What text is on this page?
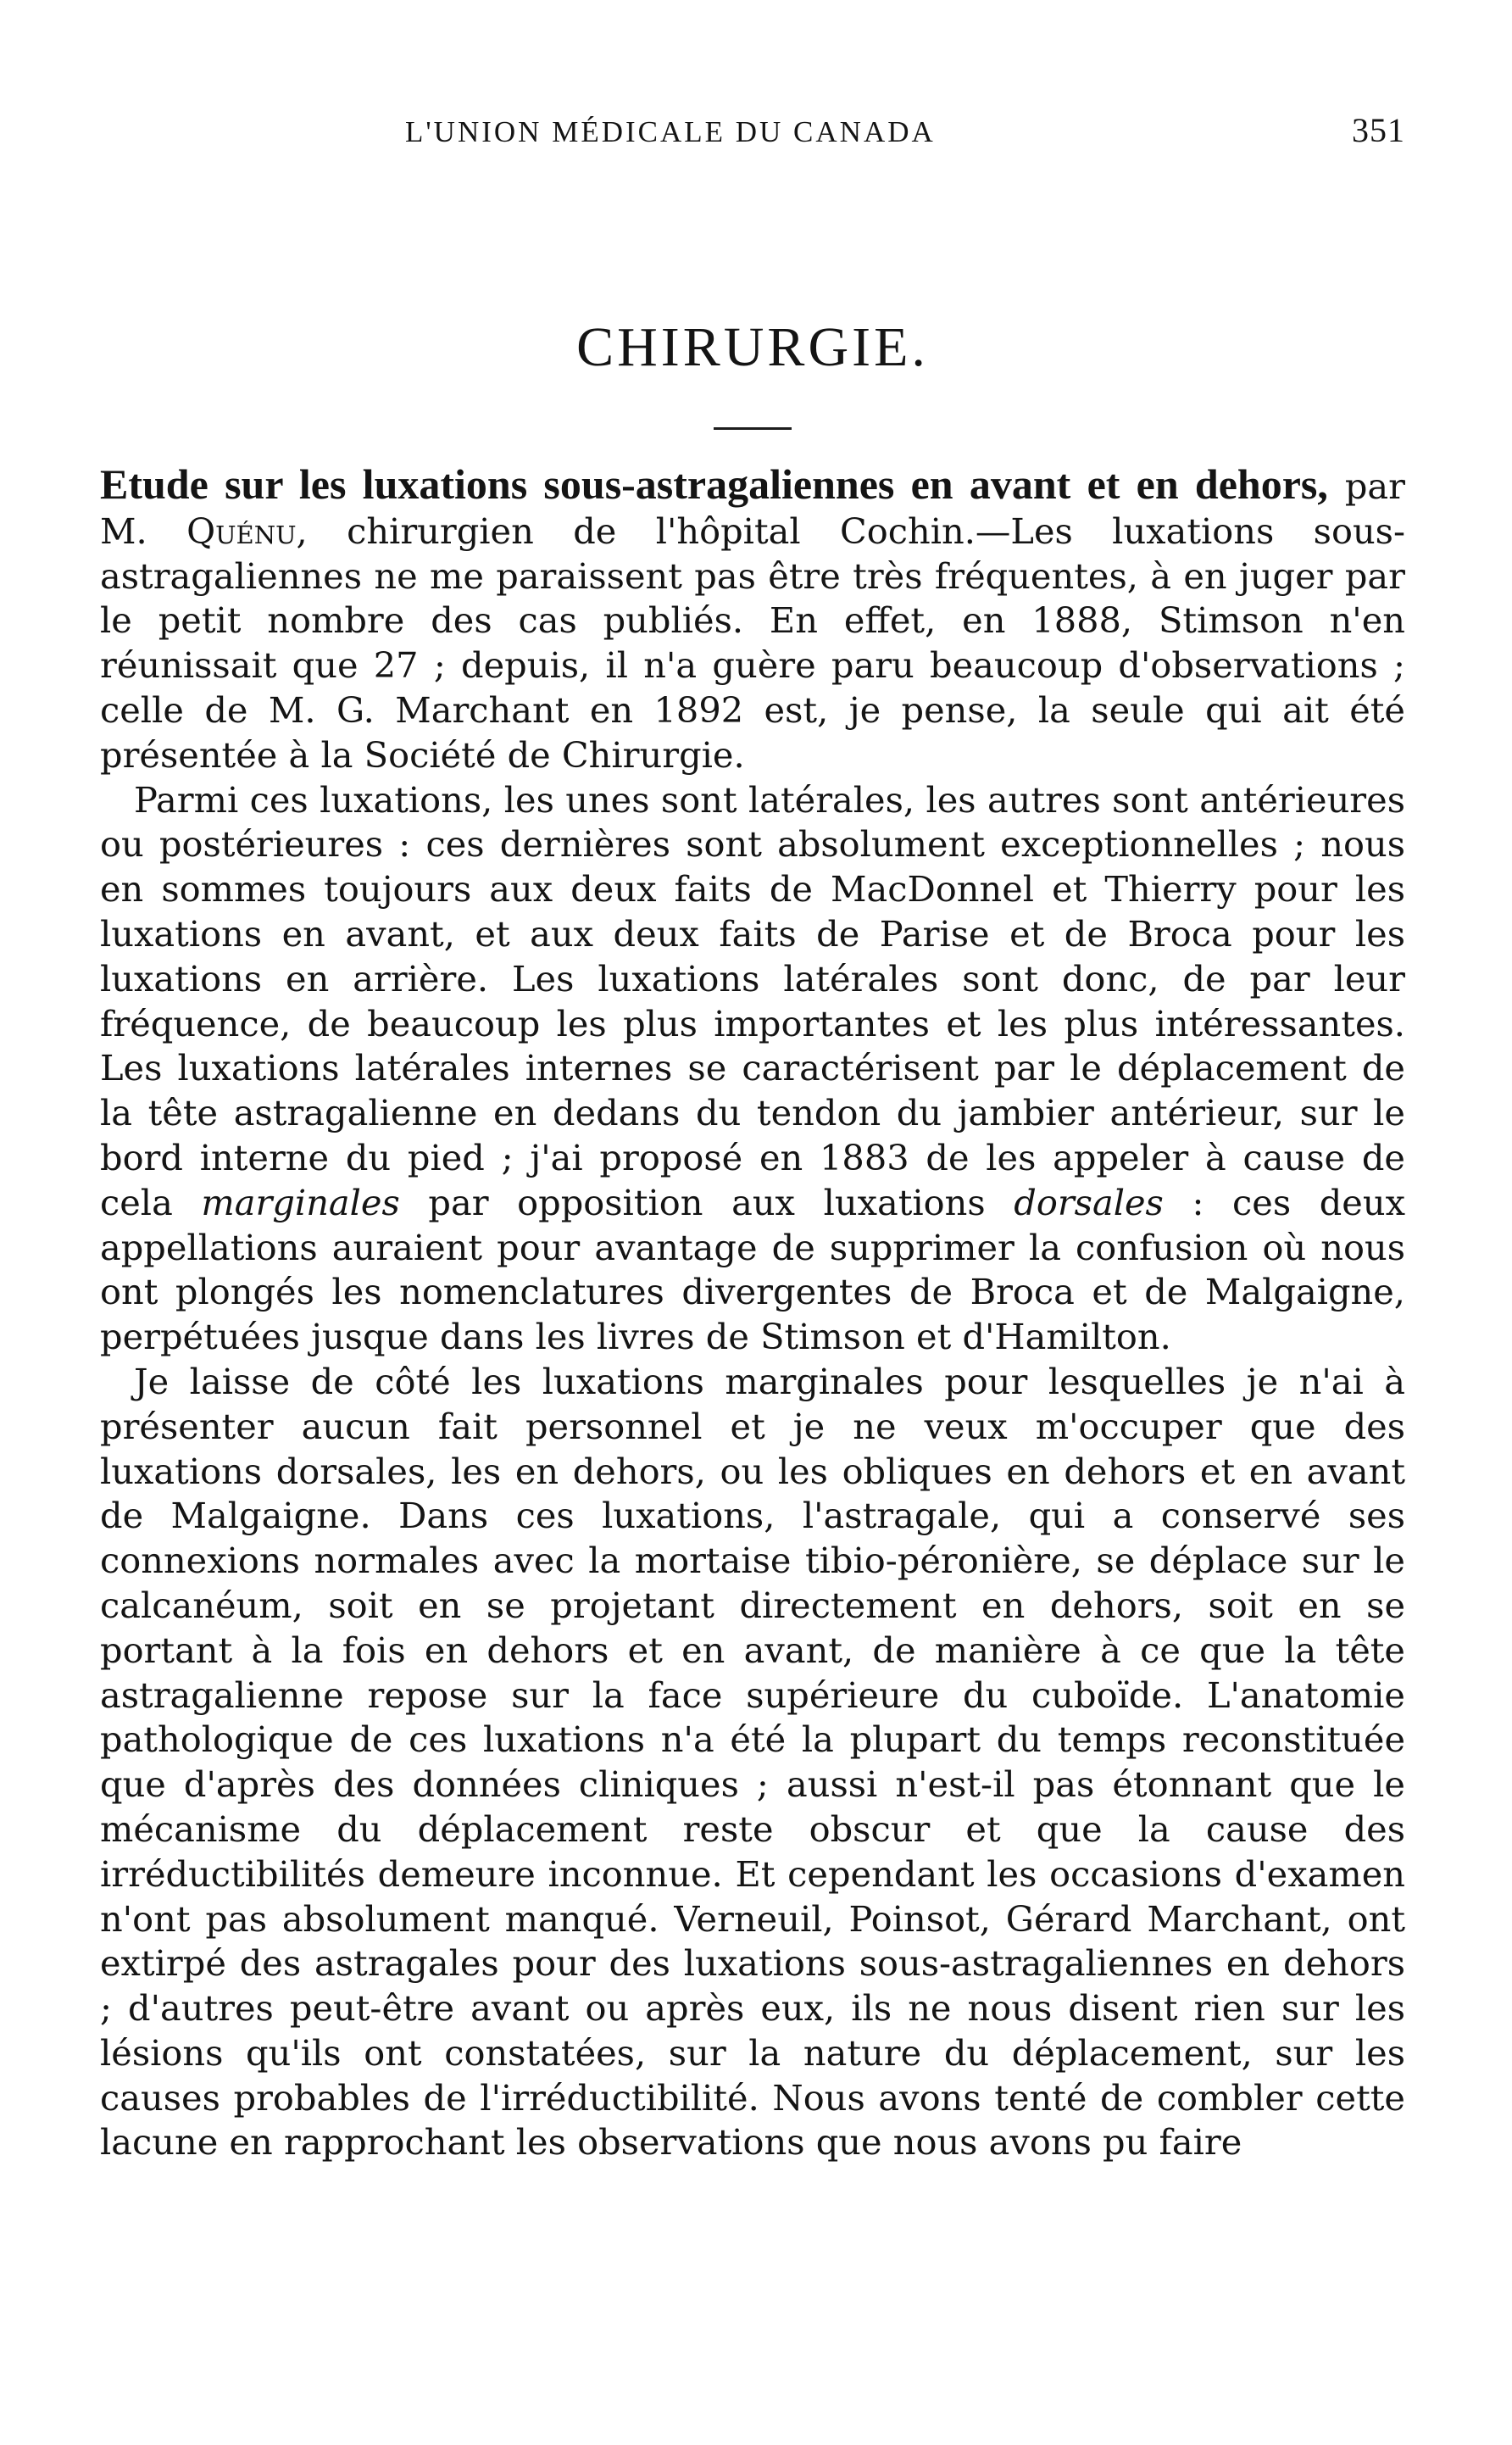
L'UNION MÉDICALE DU CANADA	351
CHIRURGIE.

Etude sur les luxations sous-astragaliennes en avant et en dehors, par M. Quénu, chirurgien de l'hôpital Cochin.—Les luxations sous-astragaliennes ne me paraissent pas être très fréquentes, à en juger par le petit nombre des cas publiés. En effet, en 1888, Stimson n'en réunissait que 27 ; depuis, il n'a guère paru beaucoup d'observations ; celle de M. G. Marchant en 1892 est, je pense, la seule qui ait été présentée à la Société de Chirurgie.

Parmi ces luxations, les unes sont latérales, les autres sont antérieures ou postérieures : ces dernières sont absolument exceptionnelles ; nous en sommes toujours aux deux faits de MacDonnel et Thierry pour les luxations en avant, et aux deux faits de Parise et de Broca pour les luxations en arrière. Les luxations latérales sont donc, de par leur fréquence, de beaucoup les plus importantes et les plus intéressantes. Les luxations latérales internes se caractérisent par le déplacement de la tête astragalienne en dedans du tendon du jambier antérieur, sur le bord interne du pied ; j'ai proposé en 1883 de les appeler à cause de cela marginales par opposition aux luxations dorsales : ces deux appellations auraient pour avantage de supprimer la confusion où nous ont plongés les nomenclatures divergentes de Broca et de Malgaigne, perpétuées jusque dans les livres de Stimson et d'Hamilton.

Je laisse de côté les luxations marginales pour lesquelles je n'ai à présenter aucun fait personnel et je ne veux m'occuper que des luxations dorsales, les en dehors, ou les obliques en dehors et en avant de Malgaigne. Dans ces luxations, l'astragale, qui a conservé ses connexions normales avec la mortaise tibio-péronière, se déplace sur le calcanéum, soit en se projetant directement en dehors, soit en se portant à la fois en dehors et en avant, de manière à ce que la tête astragalienne repose sur la face supérieure du cuboïde. L'anatomie pathologique de ces luxations n'a été la plupart du temps reconstituée que d'après des données cliniques ; aussi n'est-il pas étonnant que le mécanisme du déplacement reste obscur et que la cause des irréductibilités demeure inconnue. Et cependant les occasions d'examen n'ont pas absolument manqué. Verneuil, Poinsot, Gérard Marchant, ont extirpé des astragales pour des luxations sous-astragaliennes en dehors ; d'autres peut-être avant ou après eux, ils ne nous disent rien sur les lésions qu'ils ont constatées, sur la nature du déplacement, sur les causes probables de l'irréductibilité. Nous avons tenté de combler cette lacune en rapprochant les observations que nous avons pu faire
